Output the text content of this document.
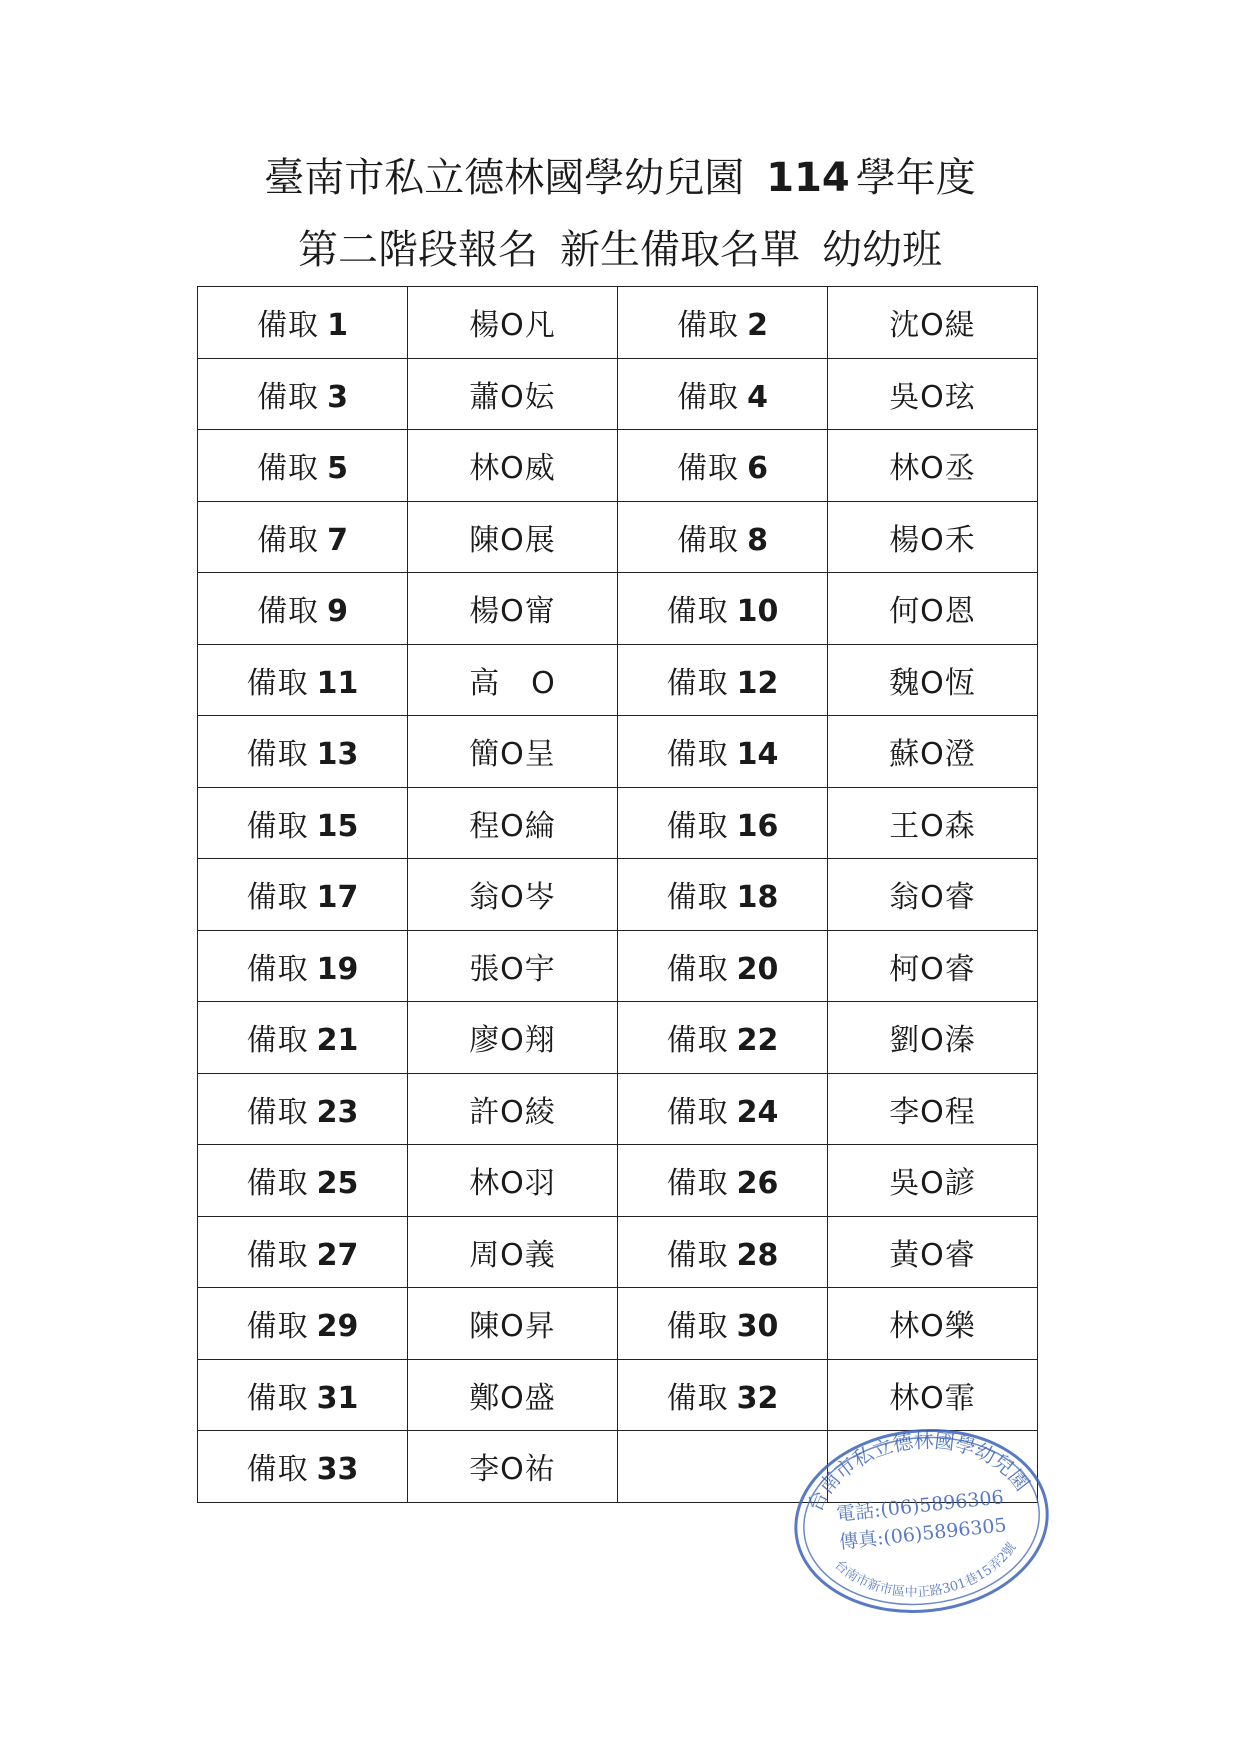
臺南市私立德林國學幼兒園 114 學年度
第二階段報名 新生備取名單 幼幼班
備取 1	楊O凡	備取 2	沈O緹
備取 3	蕭O妘	備取 4	吳O玹
備取 5	林O威	備取 6	林O丞
備取 7	陳O展	備取 8	楊O禾
備取 9	楊O甯	備取 10	何O恩
備取 11	高　O	備取 12	魏O恆
備取 13	簡O呈	備取 14	蘇O澄
備取 15	程O綸	備取 16	王O森
備取 17	翁O岑	備取 18	翁O睿
備取 19	張O宇	備取 20	柯O睿
備取 21	廖O翔	備取 22	劉O溱
備取 23	許O綾	備取 24	李O程
備取 25	林O羽	備取 26	吳O諺
備取 27	周O義	備取 28	黃O睿
備取 29	陳O昇	備取 30	林O樂
備取 31	鄭O盛	備取 32	林O霏
備取 33	李O祐		
台南市私立德林國學幼兒園
電話:(06)5896306
傳真:(06)5896305
台南市新市區中正路301巷15弄2號
